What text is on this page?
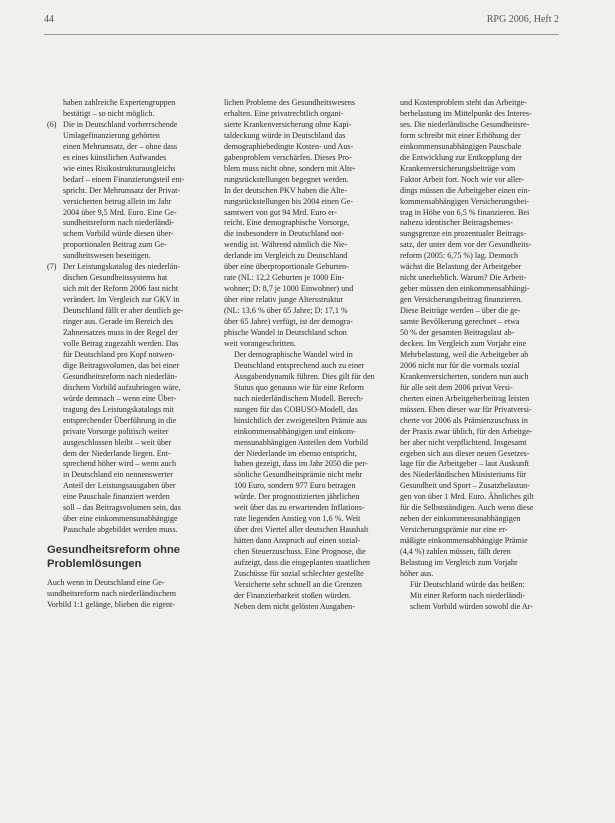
44	RPG 2006, Heft 2
haben zahlreiche Expertengruppen
bestätigt – so nicht möglich.
(6) Die in Deutschland vorherrschende
Umlagefinanzierung gehörten
einen Mehrumsatz, der – ohne dass
es eines künstlichen Aufwandes
wie eines Risikostrukturausgleichs
bedarf – einem Finanzierungsteil ent-
spricht. Der Mehrumsatz der Privat-
versicherten betrug allein im Jahr
2004 über 9,5 Mrd. Euro. Eine Ge-
sundheitsreform nach niederländi-
schem Vorbild würde diesen über-
proportionalen Beitrag zum Ge-
sundheitswesen beseitigen.
(7) Der Leistungskatalog des niederlän-
dischen Gesundheitssystems hat
sich mit der Reform 2006 fast nicht
verändert. Im Vergleich zur GKV in
Deutschland fällt er aber deutlich ge-
ringer aus. Gerade im Bereich des
Zahnersatzes muss in der Regel der
volle Betrag zugezahlt werden. Das
für Deutschland pro Kopf notwen-
dige Beitragsvolumen, das bei einer
Gesundheitsreform nach niederlän-
dischem Vorbild aufzubringen wäre,
würde demnach – wenn eine Über-
tragung des Leistungskatalogs mit
entsprechender Überführung in die
private Vorsorge politisch weiter
ausgeschlossen bleibt – weit über
dem der Niederlande liegen. Ent-
sprechend höher wird – wenn auch
in Deutschland ein nennenswerter
Anteil der Leistungsausgaben über
eine Pauschale finanziert werden
soll – das Beitragsvolumen sein, das
über eine einkommensunabhängige
Pauschale abgebildet werden muss.
Gesundheitsreform ohne
Problemlösungen
Auch wenn in Deutschland eine Ge-
sundheitsreform nach niederländischem
Vorbild 1:1 gelänge, blieben die eigent-
lichen Probleme des Gesundheitswesens
erhalten. Eine privatrechtlich organi-
sierte Krankenversicherung ohne Kapi-
taldeckung würde in Deutschland das
demographiebedingte Kosten- und Aus-
gabenproblem verschärfen. Dieses Pro-
blem muss nicht ohne, sondern mit Alte-
rungsrückstellungen begegnet werden.
In der deutschen PKV haben die Alte-
rungsrückstellungen bis 2004 einen Ge-
samtwert von gut 94 Mrd. Euro er-
reicht. Eine demographische Vorsorge,
die insbesondere in Deutschland not-
wendig ist. Während nämlich die Nie-
derlande im Vergleich zu Deutschland
über eine überproportionale Geburten-
rate (NL: 12,2 Geburten je 1000 Ein-
wohner; D: 8,7 je 1000 Einwohner) und
über eine relativ junge Altersstruktur
(NL: 13,6 % über 65 Jahre; D: 17,1 %
über 65 Jahre) verfügt, ist der demogra-
phische Wandel in Deutschland schon
weit vorangeschritten.
Der demographische Wandel wird in
Deutschland entsprechend auch zu einer
Ausgabendynamik führen. Dies gilt für den
Status quo genauso wie für eine Reform
nach niederländischem Modell. Berech-
nungen für das COBUSO-Modell, das
hinsichtlich der zweigeteilten Prämie aus
einkommensabhängigen und einkom-
mensunabhängigen Anteilen dem Vorbild
der Niederlande im ebenso entspricht,
haben gezeigt, dass im Jahr 2050 die per-
sönliche Gesundheitsprämie nicht mehr
100 Euro, sondern 977 Euro betragen
würde. Der prognostizierten jährlichen
weit über das zu erwartenden Inflations-
rate liegenden Anstieg von 1,6 %. Weit
über drei Viertel aller deutschen Haushalt
hätten dann Anspruch auf einen sozial-
chen Steuerzuschuss. Eine Prognose, die
aufzeigt, dass die eingeplanten staatlichen
Zuschüsse für sozial schlechter gestellte
Versicherte sehr schnell an die Grenzen
der Finanzierbarkeit stoßen würden.
Neben dem nicht gelösten Ausgaben-
und Kostenproblem steht das Arbeitge-
berbelastung im Mittelpunkt des Interes-
ses. Die niederländische Gesundheitsre-
form schreibt mit einer Erhöhung der
einkommensunabhängigen Pauschale
die Entwicklung zur Entkopplung der
Krankenversicherungsbeiträge vom
Faktor Arbeit fort. Noch wie vor aller-
dings müssen die Arbeitgeber einen ein-
kommensabhängigen Versicherungsbei-
trag in Höhe von 6,5 % finanzieren. Bei
nahezu identischer Beitragsbemes-
sungsgrenze ein prozentualer Beitrags-
satz, der unter dem vor der Gesundheits-
reform (2005: 6,75 %) lag. Dennoch
wächst die Belastung der Arbeitgeber
nicht unerheblich. Warum? Die Arbeit-
geber müssen den einkommensabhängi-
gen Versicherungsbeitrag finanzieren.
Diese Beiträge werden – über die ge-
samte Bevölkerung gerechnet – etwa
50 % der gesamten Beitragslast ab-
decken. Im Vergleich zum Vorjahr eine
Mehrbelastung, weil die Arbeitgeber ab
2006 nicht nur für die vormals sozial
Krankenversicherten, sondern nun auch
für alle seit dem 2006 privat Versi-
cherten einen Arbeitgeberbeitrag leisten
müssen. Eben dieser war für Privatversi-
cherte vor 2006 als Prämienzuschuss in
der Praxis zwar üblich, für den Arbeitge-
ber aber nicht verpflichtend. Insgesamt
ergeben sich aus dieser neuen Gesetzes-
lage für die Arbeitgeber – laut Auskunft
des Niederländischen Ministeriums für
Gesundheit und Sport – Zusatzbelastun-
gen von über 1 Mrd. Euro. Ähnliches gilt
für die Selbstständigen. Auch wenn diese
neben der einkommensunabhängigen
Versicherungsprämie nur eine er-
mäßigte einkommensabhängige Prämie
(4,4 %) zahlen müssen, fällt deren
Belastung im Vergleich zum Vorjahr
höher aus.
Für Deutschland würde das heißen:
Mit einer Reform nach niederländi-
schem Vorbild würden sowohl die Ar-
